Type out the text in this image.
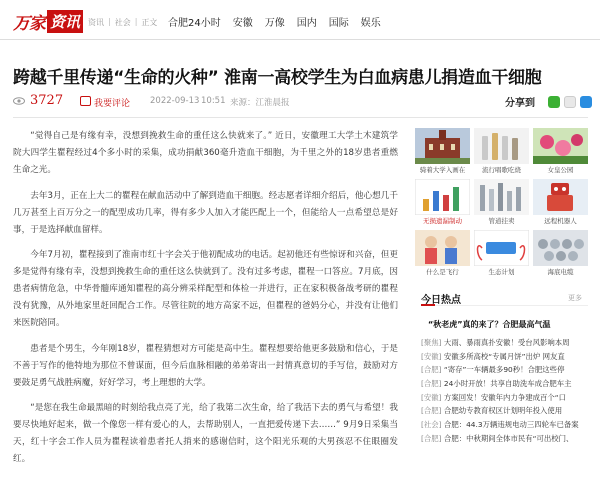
万家 资讯 资讯 | 社会 | 正文 合肥24小时 安徽 万像 国内 国际 娱乐
跨越千里传递“生命的火种” 淮南一高校学生为白血病患儿捐造血干细胞
3727	我要评论 2022-09-13 10:51 来源：江淮晨报	分享到

“觉得自己是有缘有幸，没想到挽救生命的重任这么快就来了。” 近日，安徽理工大学土木建筑学院大四学生瞿程经过4个多小时的采集，成功捐献360毫升造血干细胞，为千里之外的18岁患者重燃生命之光。

去年3月，正在上大二的瞿程在献血活动中了解到造血干细胞。经志愿者详细介绍后，他心想几千几万甚至上百万分之一的配型成功几率，得有多少人加入才能匹配上一个，但能给人一点希望总是好事，于是选择献血留样。

今年7月初，瞿程接到了淮南市红十字会关于他初配成功的电话。起初他还有些惊讶和兴奋，但更多是觉得有缘有幸，没想到挽救生命的重任这么快就到了。没有过多考虑，瞿程一口答应。7月底，因患者病情危急，中华骨髓库通知瞿程的高分辨采样配型和体检一并进行，正在家积极备战考研的瞿程没有犹豫，从外地家里赶回配合工作。尽管往院的地方高家不远，但瞿程的爸妈分心，并没有让他们来医院陪同。

患者是个男生，今年刚18岁，瞿程猜想对方可能是高中生。瞿程想要给他更多鼓励和信心，于是不善于写作的他特地为那位不曾谋面，但今后血脉相融的弟弟寄出一封情真意切的手写信，鼓励对方要鼓足勇气战胜病魔，好好学习，考上理想的大学。

“是您在我生命最黑暗的时刻给我点亮了光，给了我第二次生命，给了我活下去的勇气与希望！我要尽快地好起来，做一个像您一样有爱心的人，去帮助别人，一直把爱传递下去……” 9月9日采集当天，红十字会工作人员为瞿程读着患者托人捎来的感谢信时，这个阳光乐观的大男孩忍不住眼圈发红。

骑着大学入画在	流行唱歌吃烧	女皇公园
无损遗漏制动	管道挂卖	远程机器人
什么是飞行	生态计划	海底电缆
今日热点	更多
“秋老虎”真的来了？合肥最高气温
[聚焦] 大雨、暴雨真扑安徽！受台风影响本周
[安徽] 安徽多所高校“专属月饼”出炉 网友直
[合肥] “寄存”一车辆最多90秒！合肥这些停
[合肥] 24小时开放！共享自助洗车成合肥车主
[安徽] 方案回发！安徽年内力争建成百个“口
[合肥] 合肥幼专教育权区计划明年投入使用
[社会] 合肥：44.3万辆违规电动三四轮车已备案
[合肥] 合肥：中秋期间全体市民有“可出校门、
